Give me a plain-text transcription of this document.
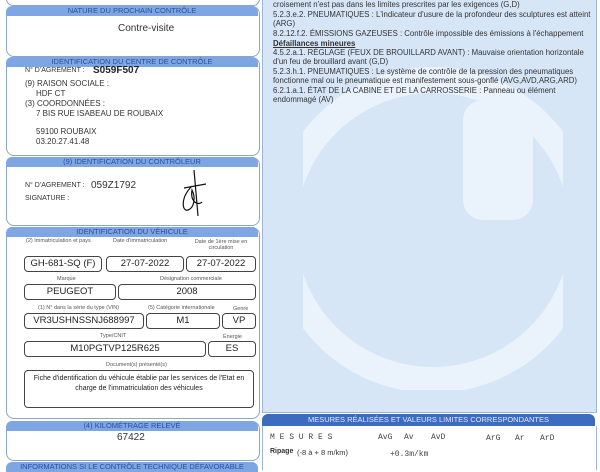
NATURE DU PROCHAIN CONTRÔLE
Contre-visite
IDENTIFICATION DU CENTRE DE CONTRÔLE
N° D'AGREMENT : S059F507
(9) RAISON SOCIALE :
HDF CT
(3) COORDONNÉES :
7 BIS RUE ISABEAU DE ROUBAIX
59100 ROUBAIX
03.20.27.41.48
(9) IDENTIFICATION DU CONTRÔLEUR
N° D'AGREMENT : 059Z1792
SIGNATURE :
IDENTIFICATION DU VÉHICULE
(2) Immatriculation et pays	Date d'immatriculation	Date de 1ère mise en circulation
GH-681-SQ (F)	27-07-2022	27-07-2022
Marque	Désignation commerciale
PEUGEOT	2008
(1) N° dans la série du type (VIN)	(5) Catégorie internationale	Genre
VR3USHNSSNJ688997	M1	VP
Type/CNIT	Énergie
M10PGTVP125R625	ES
Document(s) présenté(s)
Fiche d'identification du véhicule établie par les services de l'Etat en charge de l'immatriculation des véhicules
(4) KILOMÉTRAGE RELEVÉ
67422
INFORMATIONS SI LE CONTRÔLE TECHNIQUE DÉFAVORABLE
croisement n'est pas dans les limites prescrites par les exigences (G,D)
5.2.3.e.2. PNEUMATIQUES : L'indicateur d'usure de la profondeur des sculptures est atteint (ARG)
8.2.12.f.2. ÉMISSIONS GAZEUSES : Contrôle impossible des émissions à l'échappement
Défaillances mineures
4.5.2.a.1. RÉGLAGE (FEUX DE BROUILLARD AVANT) : Mauvaise orientation horizontale d'un feu de brouillard avant (G,D)
5.2.3.h.1. PNEUMATIQUES : Le système de contrôle de la pression des pneumatiques fonctionne mal ou le pneumatique est manifestement sous-gonflé (AVG,AVD,ARG,ARD)
6.2.1.a.1. ÉTAT DE LA CABINE ET DE LA CARROSSERIE : Panneau ou élément endommagé (AV)
MESURES RÉALISÉES ET VALEURS LIMITES CORRESPONDANTES
M E S U R E S	AvG Av AvD	ArG Ar ArD
Ripage (-8 à + 8 m/km)	+0.3m/km
